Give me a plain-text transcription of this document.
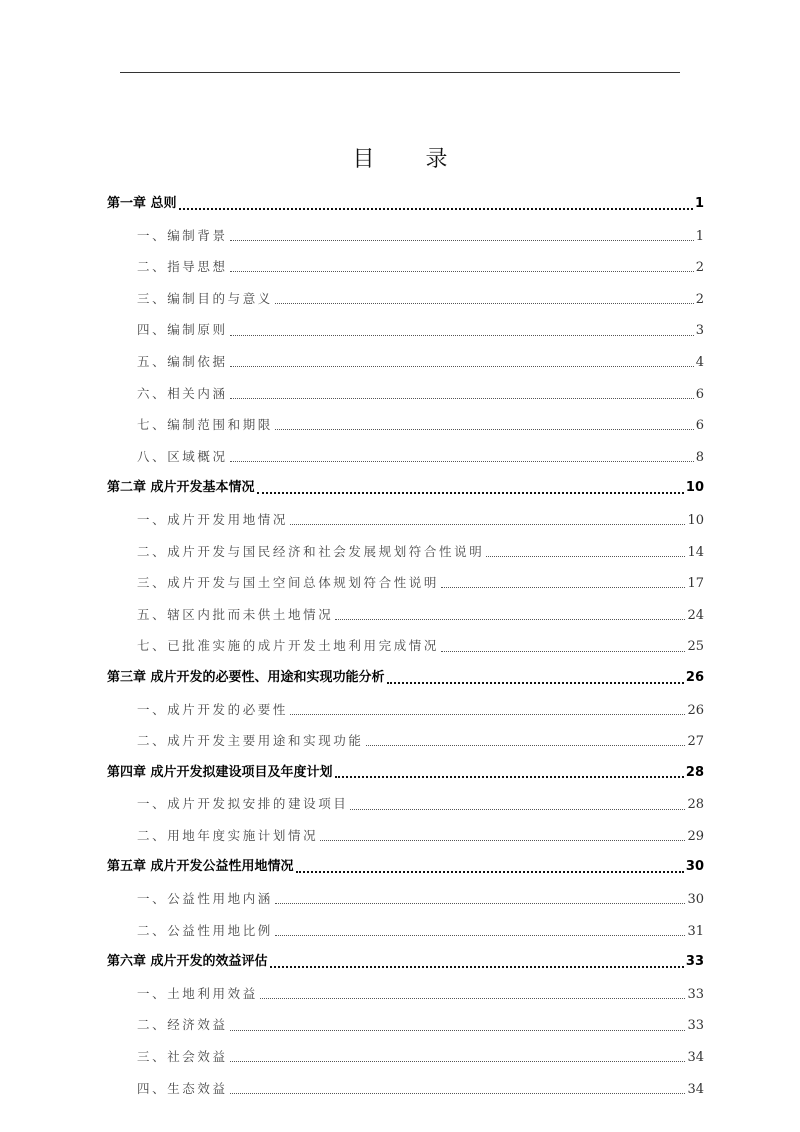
目 录
第一章 总则	1
一、编制背景	1
二、指导思想	2
三、编制目的与意义	2
四、编制原则	3
五、编制依据	4
六、相关内涵	6
七、编制范围和期限	6
八、区域概况	8
第二章 成片开发基本情况	10
一、成片开发用地情况	10
二、成片开发与国民经济和社会发展规划符合性说明	14
三、成片开发与国土空间总体规划符合性说明	17
五、辖区内批而未供土地情况	24
七、已批准实施的成片开发土地利用完成情况	25
第三章 成片开发的必要性、用途和实现功能分析	26
一、成片开发的必要性	26
二、成片开发主要用途和实现功能	27
第四章 成片开发拟建设项目及年度计划	28
一、成片开发拟安排的建设项目	28
二、用地年度实施计划情况	29
第五章 成片开发公益性用地情况	30
一、公益性用地内涵	30
二、公益性用地比例	31
第六章 成片开发的效益评估	33
一、土地利用效益	33
二、经济效益	33
三、社会效益	34
四、生态效益	34
